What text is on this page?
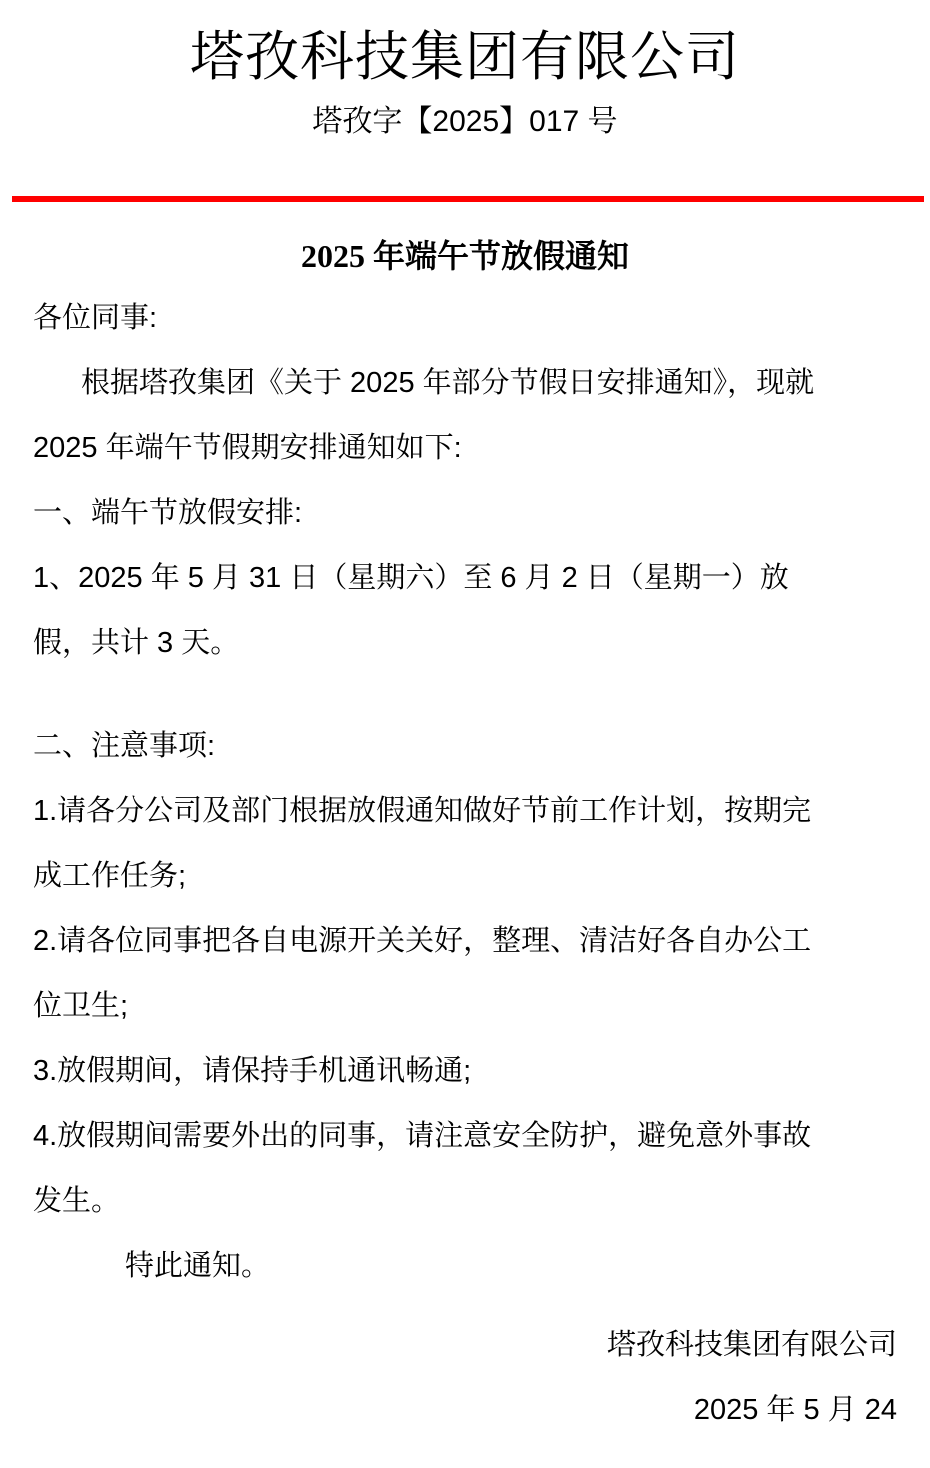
塔孜科技集团有限公司
塔孜字【2025】017 号
2025 年端午节放假通知
各位同事:
根据塔孜集团《关于 2025 年部分节假日安排通知》，现就
2025 年端午节假期安排通知如下:
一、端午节放假安排:
1、2025 年 5 月 31 日（星期六）至 6 月 2 日（星期一）放
假，共计 3 天。
二、注意事项:
1.请各分公司及部门根据放假通知做好节前工作计划，按期完
成工作任务;
2.请各位同事把各自电源开关关好，整理、清洁好各自办公工
位卫生;
3.放假期间，请保持手机通讯畅通;
4.放假期间需要外出的同事，请注意安全防护，避免意外事故
发生。
特此通知。
塔孜科技集团有限公司
2025 年 5 月 24
